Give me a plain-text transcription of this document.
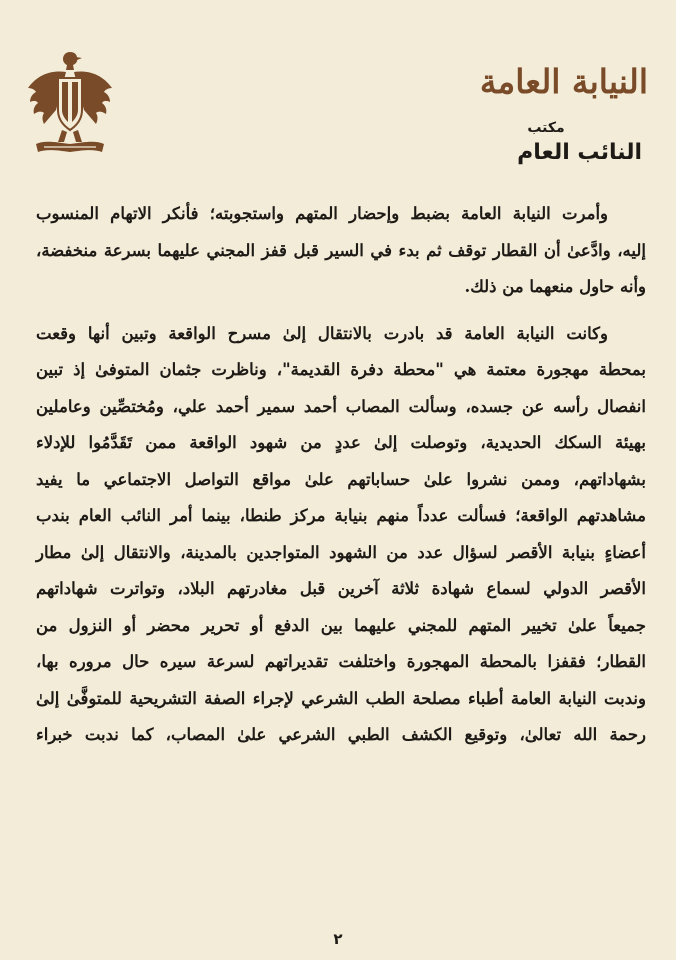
النيابة العامة
مكتب
النائب العام
وأمرت النيابة العامة بضبط وإحضار المتهم واستجوبته؛ فأنكر الاتهام المنسوب
إليه، وادَّعىٰ أن القطار توقف ثم بدء في السير قبل قفز المجني عليهما بسرعة منخفضة،
وأنه حاول منعهما من ذلك.
وكانت النيابة العامة قد بادرت بالانتقال إلىٰ مسرح الواقعة وتبين أنها وقعت
بمحطة مهجورة معتمة هي "محطة دفرة القديمة"، وناظرت جثمان المتوفىٰ إذ تبين
انفصال رأسه عن جسده، وسألت المصاب أحمد سمير أحمد علي، ومُختصِّين وعاملين
بهيئة السكك الحديدية، وتوصلت إلىٰ عددٍ من شهود الواقعة ممن تَقَدَّمُوا للإدلاء
بشهاداتهم، وممن نشروا علىٰ حساباتهم علىٰ مواقع التواصل الاجتماعي ما يفيد
مشاهدتهم الواقعة؛ فسألت عدداً منهم بنيابة مركز طنطا، بينما أمر النائب العام بندب
أعضاءٍ بنيابة الأقصر لسؤال عدد من الشهود المتواجدين بالمدينة، والانتقال إلىٰ مطار
الأقصر الدولي لسماع شهادة ثلاثة آخرين قبل مغادرتهم البلاد، وتواترت شهاداتهم
جميعاً علىٰ تخيير المتهم للمجني عليهما بين الدفع أو تحرير محضر أو النزول من
القطار؛ فقفزا بالمحطة المهجورة واختلفت تقديراتهم لسرعة سيره حال مروره بها،
وندبت النيابة العامة أطباء مصلحة الطب الشرعي لإجراء الصفة التشريحية للمتوفَّىٰ إلىٰ
رحمة الله تعالىٰ، وتوقيع الكشف الطبي الشرعي علىٰ المصاب، كما ندبت خبراء
٢
